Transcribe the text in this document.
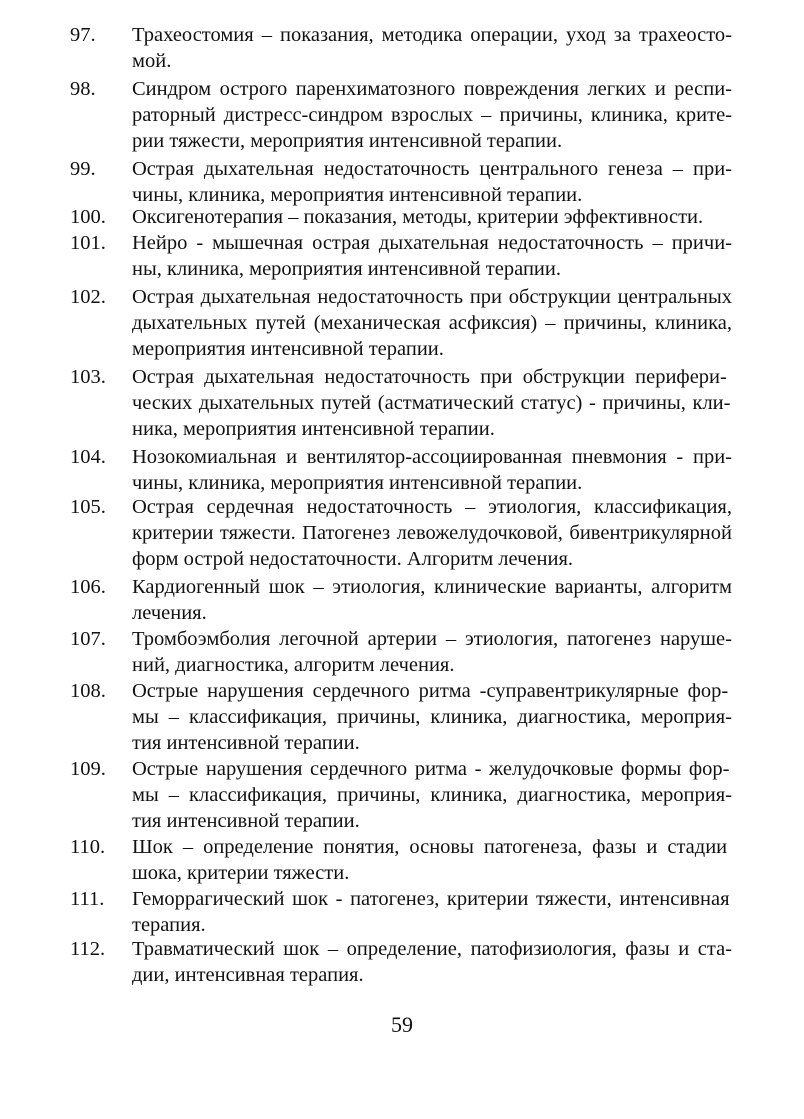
97.	Трахеостомия – показания, методика операции, уход за трахеосто-
мой.
98.	Синдром острого паренхиматозного повреждения легких и респи-
раторный дистресс-синдром взрослых – причины, клиника, крите-
рии тяжести, мероприятия интенсивной терапии.
99.	Острая дыхательная недостаточность центрального генеза – при-
чины, клиника, мероприятия интенсивной терапии.
100.	Оксигенотерапия – показания, методы, критерии эффективности.
101.	Нейро - мышечная острая дыхательная недостаточность – причи-
ны, клиника, мероприятия интенсивной терапии.
102.	Острая дыхательная недостаточность при обструкции центральных
дыхательных путей (механическая асфиксия) – причины, клиника,
мероприятия интенсивной терапии.
103.	Острая дыхательная недостаточность при обструкции перифери-
ческих дыхательных путей (астматический статус) - причины, кли-
ника, мероприятия интенсивной терапии.
104.	Нозокомиальная и вентилятор-ассоциированная пневмония - при-
чины, клиника, мероприятия интенсивной терапии.
105.	Острая сердечная недостаточность – этиология, классификация,
критерии тяжести. Патогенез левожелудочковой, бивентрикулярной
форм острой недостаточности. Алгоритм лечения.
106.	Кардиогенный шок – этиология, клинические варианты, алгоритм
лечения.
107.	Тромбоэмболия легочной артерии – этиология, патогенез наруше-
ний, диагностика, алгоритм лечения.
108.	Острые нарушения сердечного ритма -суправентрикулярные фор-
мы – классификация, причины, клиника, диагностика, мероприя-
тия интенсивной терапии.
109.	Острые нарушения сердечного ритма - желудочковые формы фор-
мы – классификация, причины, клиника, диагностика, мероприя-
тия интенсивной терапии.
110.	Шок – определение понятия, основы патогенеза, фазы и стадии
шока, критерии тяжести.
111.	Геморрагический шок - патогенез, критерии тяжести, интенсивная
терапия.
112.	Травматический шок – определение, патофизиология, фазы и ста-
дии, интенсивная терапия.
59
